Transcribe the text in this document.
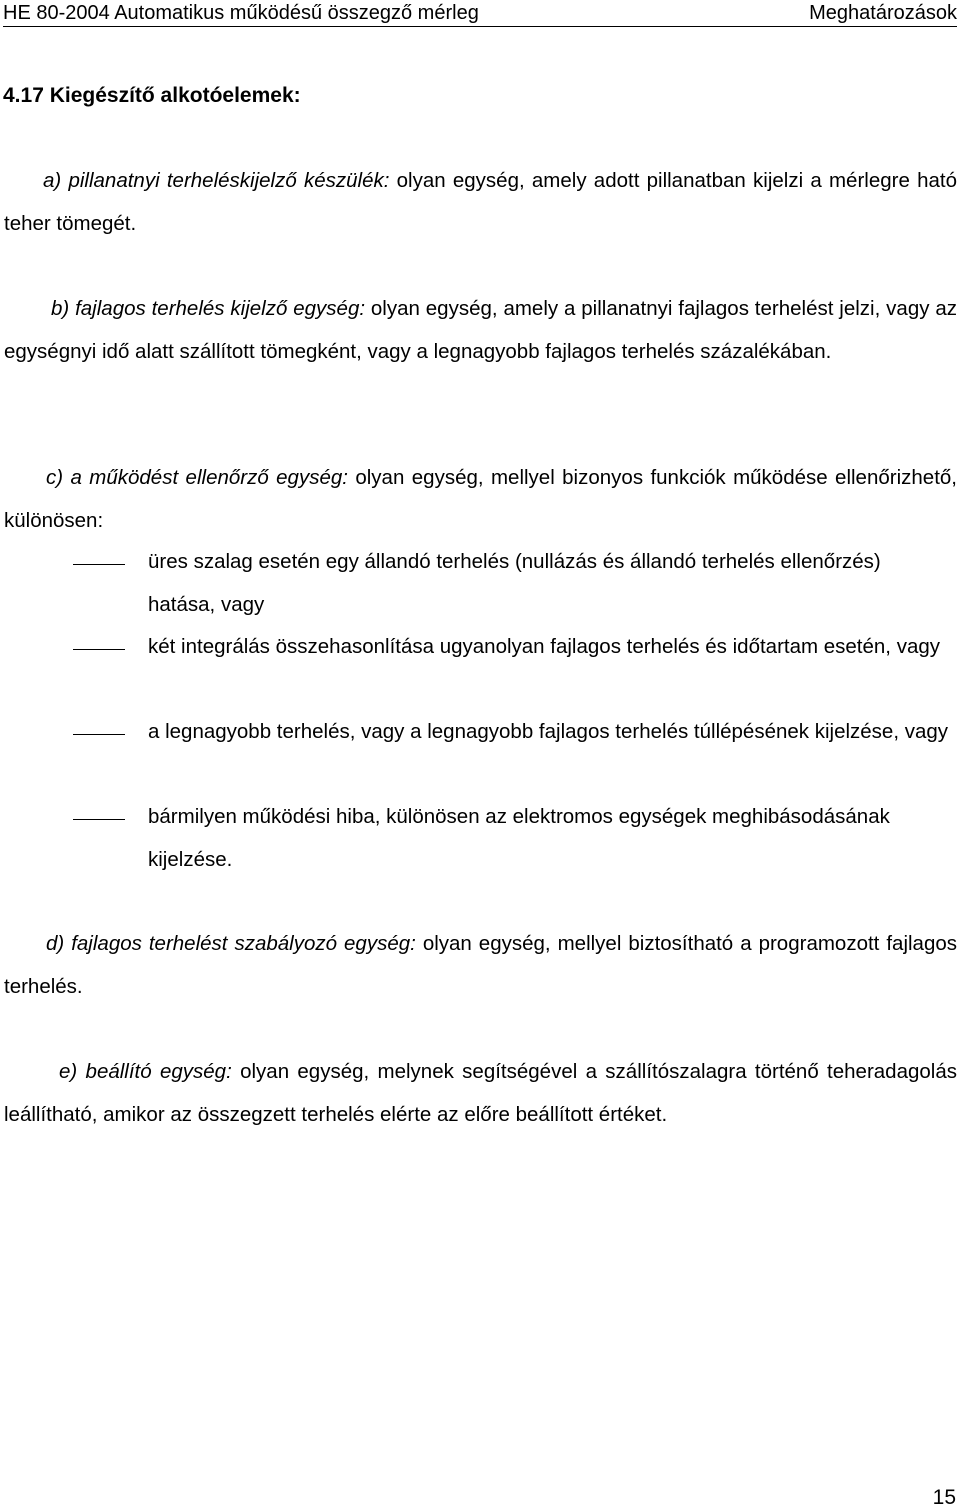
HE 80-2004 Automatikus működésű összegző mérleg	Meghatározások
4.17 Kiegészítő alkotóelemek:
a) pillanatnyi terheléskijelző készülék: olyan egység, amely adott pillanatban kijelzi a mérlegre ható teher tömegét.
b) fajlagos terhelés kijelző egység: olyan egység, amely a pillanatnyi fajlagos terhelést jelzi, vagy az egységnyi idő alatt szállított tömegként, vagy a legnagyobb fajlagos terhelés százalékában.
c) a működést ellenőrző egység: olyan egység, mellyel bizonyos funkciók működése ellenőrizhető, különösen:
üres szalag esetén egy állandó terhelés (nullázás és állandó terhelés ellenőrzés) hatása, vagy
két integrálás összehasonlítása ugyanolyan fajlagos terhelés és időtartam esetén, vagy
a legnagyobb terhelés, vagy a legnagyobb fajlagos terhelés túllépésének kijelzése, vagy
bármilyen működési hiba, különösen az elektromos egységek meghibásodásának kijelzése.
d) fajlagos terhelést szabályozó egység: olyan egység, mellyel biztosítható a programozott fajlagos terhelés.
e) beállító egység: olyan egység, melynek segítségével a szállítószalagra történő teheradagolás leállítható, amikor az összegzett terhelés elérte az előre beállított értéket.
15
